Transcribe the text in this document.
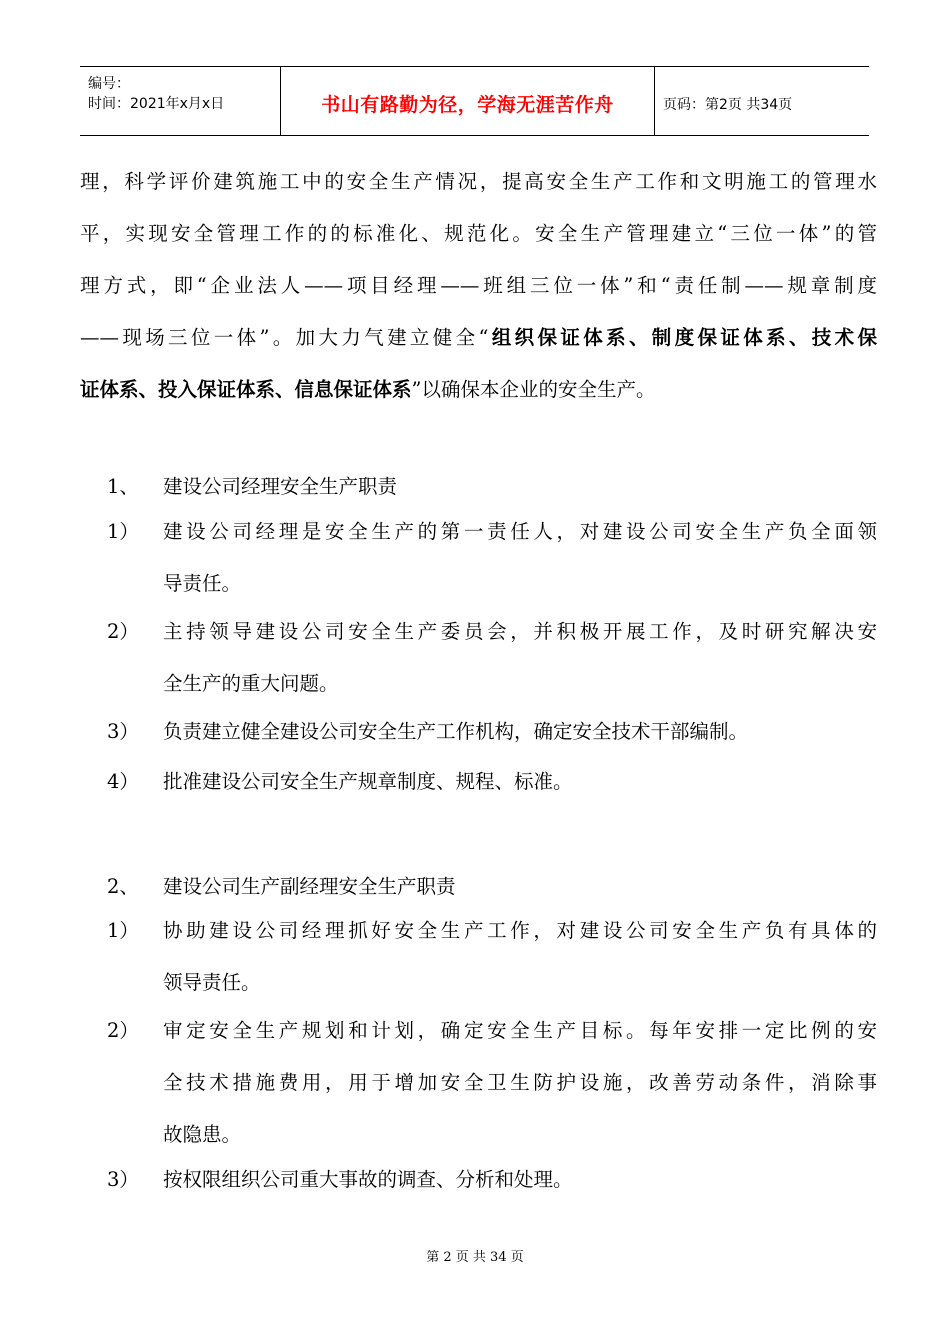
编号：
时间：2021年x月x日	书山有路勤为径，学海无涯苦作舟	页码：第2页 共34页
理，科学评价建筑施工中的安全生产情况，提高安全生产工作和文明施工的管理水
平，实现安全管理工作的的标准化、规范化。安全生产管理建立“三位一体”的管
理方式，即“企业法人——项目经理——班组三位一体”和“责任制——规章制度
——现场三位一体”。加大力气建立健全“组织保证体系、制度保证体系、技术保
证体系、投入保证体系、信息保证体系”以确保本企业的安全生产。
1、 建设公司经理安全生产职责
1） 建设公司经理是安全生产的第一责任人，对建设公司安全生产负全面领
导责任。
2） 主持领导建设公司安全生产委员会，并积极开展工作，及时研究解决安
全生产的重大问题。
3） 负责建立健全建设公司安全生产工作机构，确定安全技术干部编制。
4） 批准建设公司安全生产规章制度、规程、标准。
2、 建设公司生产副经理安全生产职责
1） 协助建设公司经理抓好安全生产工作，对建设公司安全生产负有具体的
领导责任。
2） 审定安全生产规划和计划，确定安全生产目标。每年安排一定比例的安
全技术措施费用，用于增加安全卫生防护设施，改善劳动条件，消除事
故隐患。
3） 按权限组织公司重大事故的调查、分析和处理。
第 2 页 共 34 页
